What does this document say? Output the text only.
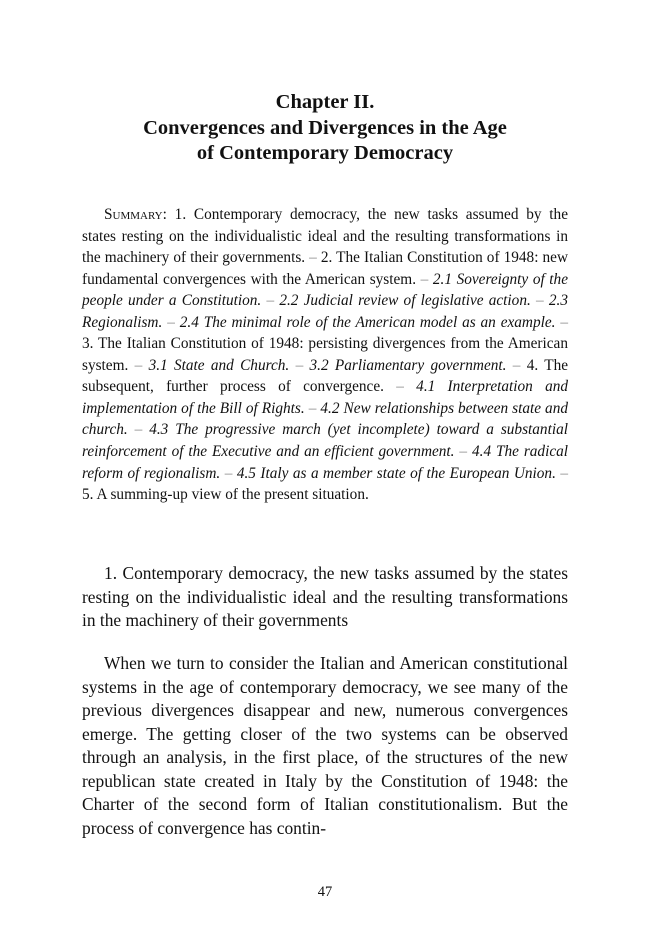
Chapter II.
Convergences and Divergences in the Age
of Contemporary Democracy
Summary: 1. Contemporary democracy, the new tasks assumed by the states resting on the individualistic ideal and the resulting transformations in the machinery of their governments. – 2. The Italian Constitution of 1948: new fundamental convergences with the American system. – 2.1 Sovereignty of the people under a Constitution. – 2.2 Judicial review of legislative action. – 2.3 Regionalism. – 2.4 The minimal role of the American model as an example. – 3. The Italian Constitution of 1948: persisting divergences from the American system. – 3.1 State and Church. – 3.2 Parliamentary government. – 4. The subsequent, further process of convergence. – 4.1 Interpretation and implementation of the Bill of Rights. – 4.2 New relationships between state and church. – 4.3 The progressive march (yet incomplete) toward a substantial reinforcement of the Executive and an efficient government. – 4.4 The radical reform of regionalism. – 4.5 Italy as a member state of the European Union. – 5. A summing-up view of the present situation.
1. Contemporary democracy, the new tasks assumed by the states resting on the individualistic ideal and the resulting transformations in the machinery of their governments

When we turn to consider the Italian and American constitutional systems in the age of contemporary democracy, we see many of the previous divergences disappear and new, numerous convergences emerge. The getting closer of the two systems can be observed through an analysis, in the first place, of the structures of the new republican state created in Italy by the Constitution of 1948: the Charter of the second form of Italian constitutionalism. But the process of convergence has contin-

47
